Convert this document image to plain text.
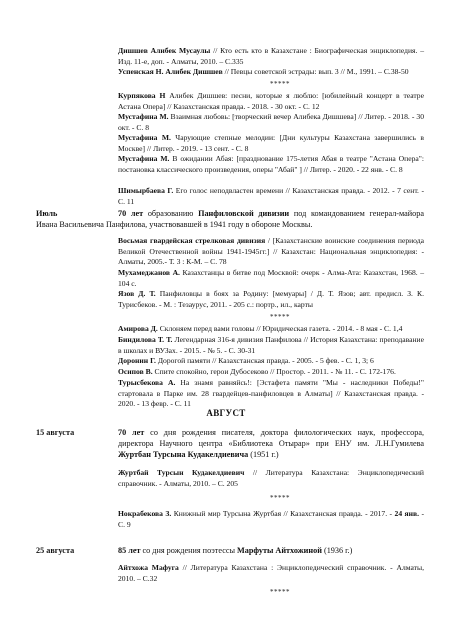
Дишшев Алибек Мусаулы // Кто есть кто в Казахстане : Биографическая энциклопедия. – Изд. 11-е, доп. - Алматы, 2010. – С.335
Успенская Н. Алибек Дишшев // Певцы советской эстрады: вып. 3 // М., 1991. – С.38-50
*****
Курпякова Н Алибек Дишшев: песни, которые я люблю: [юбилейный концерт в театре Астана Опера] // Казахстанская правда. - 2018. - 30 окт. - С. 12
Мустафина М. Взаимная любовь: [творческий вечер Алибека Дишшева] // Литер. - 2018. - 30 окт. - С. 8
Мустафина М. Чарующие степные мелодии: [Дни культуры Казахстана завершились в Москве] // Литер. - 2019. - 13 сент. - С. 8
Мустафина М. В ожидании Абая: [празднование 175-летия Абая в театре "Астана Опера": постановка классического произведения, оперы "Абай" ] // Литер. - 2020. - 22 янв. - С. 8
Шимырбаева Г. Его голос неподвластен времени // Казахстанская правда. - 2012. - 7 сент. - С. 11
Июль	70 лет образованию Панфиловской дивизии под командованием генерал-майора Ивана Васильевича Панфилова, участвовавшей в 1941 году в обороне Москвы.
Восьмая гвардейская стрелковая дивизия / [Казахстанские воинские соединения периода Великой Отечественной войны 1941-1945гг.] // Казахстан: Национальная энциклопедия: - Алматы, 2005.- Т. 3 : К-М. – С. 78
Мухамеджанов А. Казахстанцы в битве под Москвой: очерк - Алма-Ата: Казахстан, 1968. – 104 с.
Язов Д. Т. Панфиловцы в боях за Родину: [мемуары] / Д. Т. Язов; авт. предисл. З. К. Турисбеков. - М. : Тезаурус, 2011. - 205 с.: портр., ил., карты
*****
Амирова Д. Склоняем перед вами головы // Юридическая газета. - 2014. - 8 мая - С. 1,4
Биндилова Т. Т. Легендарная 316-я дивизия Панфилова // История Казахстана: преподавание в школах и ВУЗах. - 2015. - № 5. - С. 30-31
Доронин Г. Дорогой памяти // Казахстанская правда. - 2005. - 5 фев. - С. 1, 3; 6
Осипов В. Спите спокойно, герои Дубосеково // Простор. - 2011. - № 11. - С. 172-176.
Турысбекова А. На знамя равняйсь!: [Эстафета памяти "Мы - наследники Победы!" стартовала в Парке им. 28 гвардейцев-панфиловцев в Алматы] // Казахстанская правда. - 2020. - 13 февр. - С. 11
АВГУСТ
15 августа	70 лет со дня рождения писателя, доктора филологических наук, профессора, директора Научного центра «Библиотека Отырар» при ЕНУ им. Л.Н.Гумилева Журтбан Турсына Кудакелдиевича (1951 г.)
Журтбай Турсын Кудакелдиевич // Литература Казахстана: Энциклопедический справочник. - Алматы, 2010. – С. 205
*****
Нокрабекова З. Книжный мир Турсына Журтбая // Казахстанская правда. - 2017. - 24 янв. - С. 9
25 августа	85 лет со дня рождения поэтессы Марфуты Айтхожиной (1936 г.)
Айтхожа Мафуга // Литература Казахстана : Энциклопедический справочник. - Алматы, 2010. – С.32
*****
